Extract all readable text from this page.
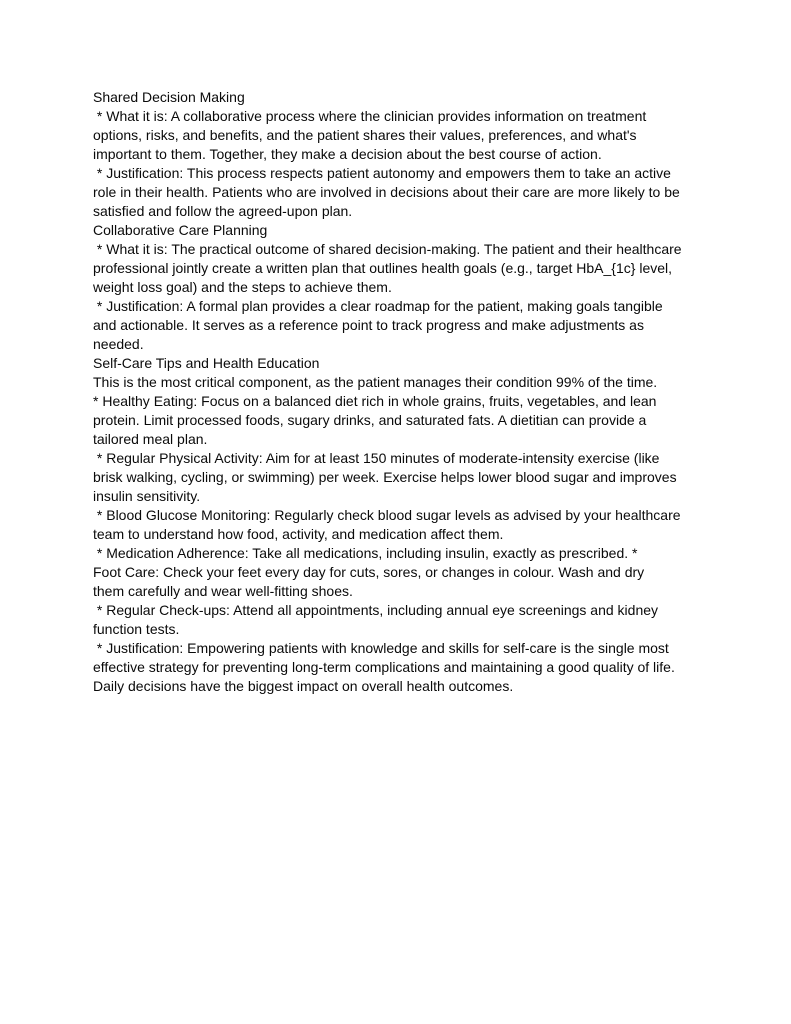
Shared Decision Making
* What it is: A collaborative process where the clinician provides information on treatment
options, risks, and benefits, and the patient shares their values, preferences, and what's
important to them. Together, they make a decision about the best course of action.
* Justification: This process respects patient autonomy and empowers them to take an active
role in their health. Patients who are involved in decisions about their care are more likely to be
satisfied and follow the agreed-upon plan.
Collaborative Care Planning
* What it is: The practical outcome of shared decision-making. The patient and their healthcare
professional jointly create a written plan that outlines health goals (e.g., target HbA_{1c} level,
weight loss goal) and the steps to achieve them.
* Justification: A formal plan provides a clear roadmap for the patient, making goals tangible
and actionable. It serves as a reference point to track progress and make adjustments as
needed.
Self-Care Tips and Health Education
This is the most critical component, as the patient manages their condition 99% of the time.
* Healthy Eating: Focus on a balanced diet rich in whole grains, fruits, vegetables, and lean
protein. Limit processed foods, sugary drinks, and saturated fats. A dietitian can provide a
tailored meal plan.
* Regular Physical Activity: Aim for at least 150 minutes of moderate-intensity exercise (like
brisk walking, cycling, or swimming) per week. Exercise helps lower blood sugar and improves
insulin sensitivity.
* Blood Glucose Monitoring: Regularly check blood sugar levels as advised by your healthcare
team to understand how food, activity, and medication affect them.
* Medication Adherence: Take all medications, including insulin, exactly as prescribed. *
Foot Care: Check your feet every day for cuts, sores, or changes in colour. Wash and dry
them carefully and wear well-fitting shoes.
* Regular Check-ups: Attend all appointments, including annual eye screenings and kidney
function tests.
* Justification: Empowering patients with knowledge and skills for self-care is the single most
effective strategy for preventing long-term complications and maintaining a good quality of life.
Daily decisions have the biggest impact on overall health outcomes.
